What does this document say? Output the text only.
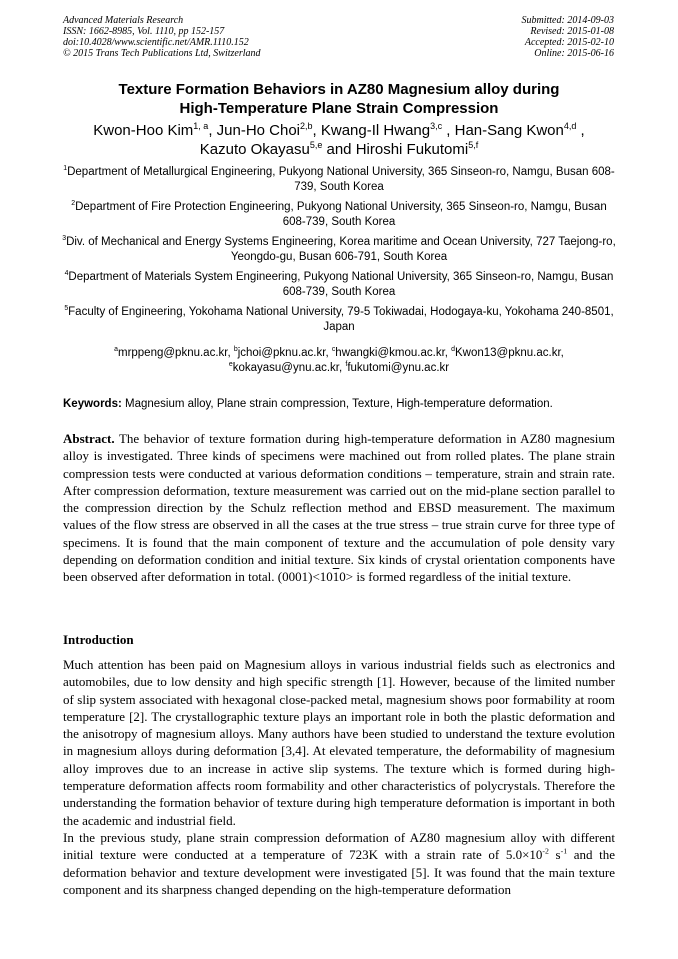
Advanced Materials Research
ISSN: 1662-8985, Vol. 1110, pp 152-157
doi:10.4028/www.scientific.net/AMR.1110.152
© 2015 Trans Tech Publications Ltd, Switzerland
Submitted: 2014-09-03
Revised: 2015-01-08
Accepted: 2015-02-10
Online: 2015-06-16
Texture Formation Behaviors in AZ80 Magnesium alloy during
High-Temperature Plane Strain Compression
Kwon-Hoo Kim$^{1, a}$, Jun-Ho Choi$^{2,b}$, Kwang-Il Hwang$^{3,c}$ , Han-Sang Kwon$^{4,d}$ ,
Kazuto Okayasu$^{5,e}$ and Hiroshi Fukutomi$^{5,f}$
$^1$Department of Metallurgical Engineering, Pukyong National University, 365 Sinseon-ro, Namgu, Busan 608-739, South Korea
$^2$Department of Fire Protection Engineering, Pukyong National University, 365 Sinseon-ro, Namgu, Busan 608-739, South Korea
$^3$Div. of Mechanical and Energy Systems Engineering, Korea maritime and Ocean University, 727 Taejong-ro, Yeongdo-gu, Busan 606-791, South Korea
$^4$Department of Materials System Engineering, Pukyong National University, 365 Sinseon-ro, Namgu, Busan 608-739, South Korea
$^5$Faculty of Engineering, Yokohama National University, 79-5 Tokiwadai, Hodogaya-ku, Yokohama 240-8501, Japan
$^a$mrppeng@pknu.ac.kr, $^b$jchoi@pknu.ac.kr, $^c$hwangki@kmou.ac.kr, $^d$Kwon13@pknu.ac.kr,
$^e$kokayasu@ynu.ac.kr, $^f$fukutomi@ynu.ac.kr
Keywords: Magnesium alloy, Plane strain compression, Texture, High-temperature deformation.
Abstract. The behavior of texture formation during high-temperature deformation in AZ80 magnesium alloy is investigated. Three kinds of specimens were machined out from rolled plates. The plane strain compression tests were conducted at various deformation conditions – temperature, strain and strain rate. After compression deformation, texture measurement was carried out on the mid-plane section parallel to the compression direction by the Schulz reflection method and EBSD measurement. The maximum values of the flow stress are observed in all the cases at the true stress – true strain curve for three type of specimens. It is found that the main component of texture and the accumulation of pole density vary depending on deformation condition and initial texture. Six kinds of crystal orientation components have been observed after deformation in total. (0001)<1010> is formed regardless of the initial texture.
Introduction

Much attention has been paid on Magnesium alloys in various industrial fields such as electronics and automobiles, due to low density and high specific strength [1]. However, because of the limited number of slip system associated with hexagonal close-packed metal, magnesium shows poor formability at room temperature [2]. The crystallographic texture plays an important role in both the plastic deformation and the anisotropy of magnesium alloys. Many authors have been studied to understand the texture evolution in magnesium alloys during deformation [3,4]. At elevated temperature, the deformability of magnesium alloy improves due to an increase in active slip systems. The texture which is formed during high-temperature deformation affects room formability and other characteristics of polycrystals. Therefore the understanding the formation behavior of texture during high temperature deformation is important in both the academic and industrial field.

In the previous study, plane strain compression deformation of AZ80 magnesium alloy with different initial texture were conducted at a temperature of 723K with a strain rate of $5.0\times 10^{-2}$ $s^{-1}$ and the deformation behavior and texture development were investigated [5]. It was found that the main texture component and its sharpness changed depending on the high-temperature deformation
